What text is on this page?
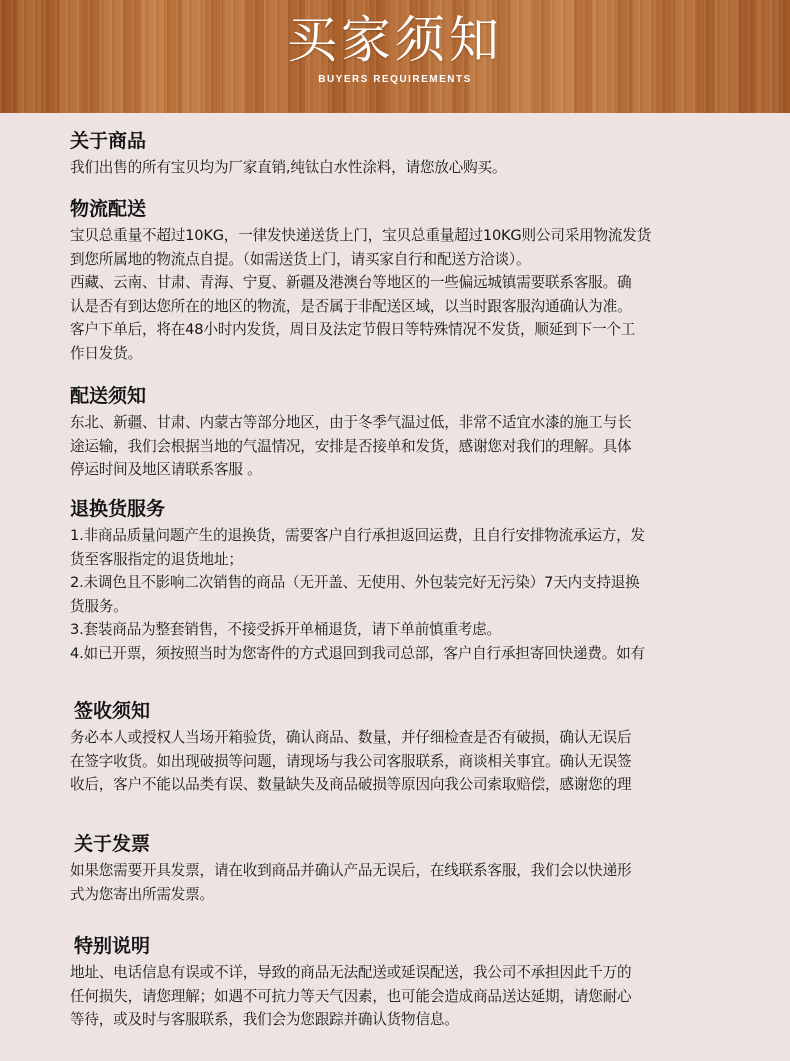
买家须知
BUYERS REQUIREMENTS
关于商品
我们出售的所有宝贝均为厂家直销,纯钛白水性涂料，请您放心购买。
物流配送
宝贝总重量不超过10KG，一律发快递送货上门，宝贝总重量超过10KG则公司采用物流发货
到您所属地的物流点自提。（如需送货上门，请买家自行和配送方洽谈）。
西藏、云南、甘肃、青海、宁夏、新疆及港澳台等地区的一些偏远城镇需要联系客服。确
认是否有到达您所在的地区的物流，是否属于非配送区域，以当时跟客服沟通确认为准。
客户下单后，将在48小时内发货，周日及法定节假日等特殊情况不发货，顺延到下一个工
作日发货。
配送须知
东北、新疆、甘肃、内蒙古等部分地区，由于冬季气温过低，非常不适宜水漆的施工与长
途运输，我们会根据当地的气温情况，安排是否接单和发货，感谢您对我们的理解。具体
停运时间及地区请联系客服 。
退换货服务
1.非商品质量问题产生的退换货，需要客户自行承担返回运费，且自行安排物流承运方，发
货至客服指定的退货地址；
2.未调色且不影响二次销售的商品（无开盖、无使用、外包装完好无污染）7天内支持退换
货服务。
3.套装商品为整套销售，不接受拆开单桶退货，请下单前慎重考虑。
4.如已开票，须按照当时为您寄件的方式退回到我司总部，客户自行承担寄回快递费。如有
签收须知
务必本人或授权人当场开箱验货，确认商品、数量，并仔细检查是否有破损，确认无误后
在签字收货。如出现破损等问题，请现场与我公司客服联系，商谈相关事宜。确认无误签
收后，客户不能以品类有误、数量缺失及商品破损等原因向我公司索取赔偿，感谢您的理
关于发票
如果您需要开具发票，请在收到商品并确认产品无误后，在线联系客服，我们会以快递形
式为您寄出所需发票。
特别说明
地址、电话信息有误或不详，导致的商品无法配送或延误配送，我公司不承担因此千万的
任何损失，请您理解；如遇不可抗力等天气因素，也可能会造成商品送达延期，请您耐心
等待，或及时与客服联系，我们会为您跟踪并确认货物信息。
